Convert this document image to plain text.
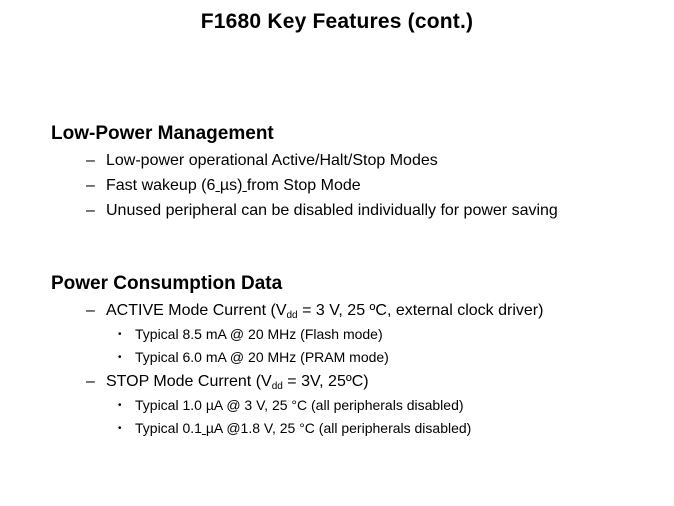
F1680 Key Features (cont.)
Low-Power Management
– Low-power operational Active/Halt/Stop Modes
– Fast wakeup (6 µs) from Stop Mode
– Unused peripheral can be disabled individually for power saving
Power Consumption Data
– ACTIVE Mode Current ($V_{dd} = 3$ V, 25 ºC, external clock driver)
• Typical 8.5 mA @ 20 MHz (Flash mode)
• Typical 6.0 mA @ 20 MHz (PRAM mode)
– STOP Mode Current ($V_{dd} = 3V$, 25ºC)
• Typical 1.0 µA @ 3 V, 25 °C (all peripherals disabled)
• Typical 0.1 µA @1.8 V, 25 °C (all peripherals disabled)
